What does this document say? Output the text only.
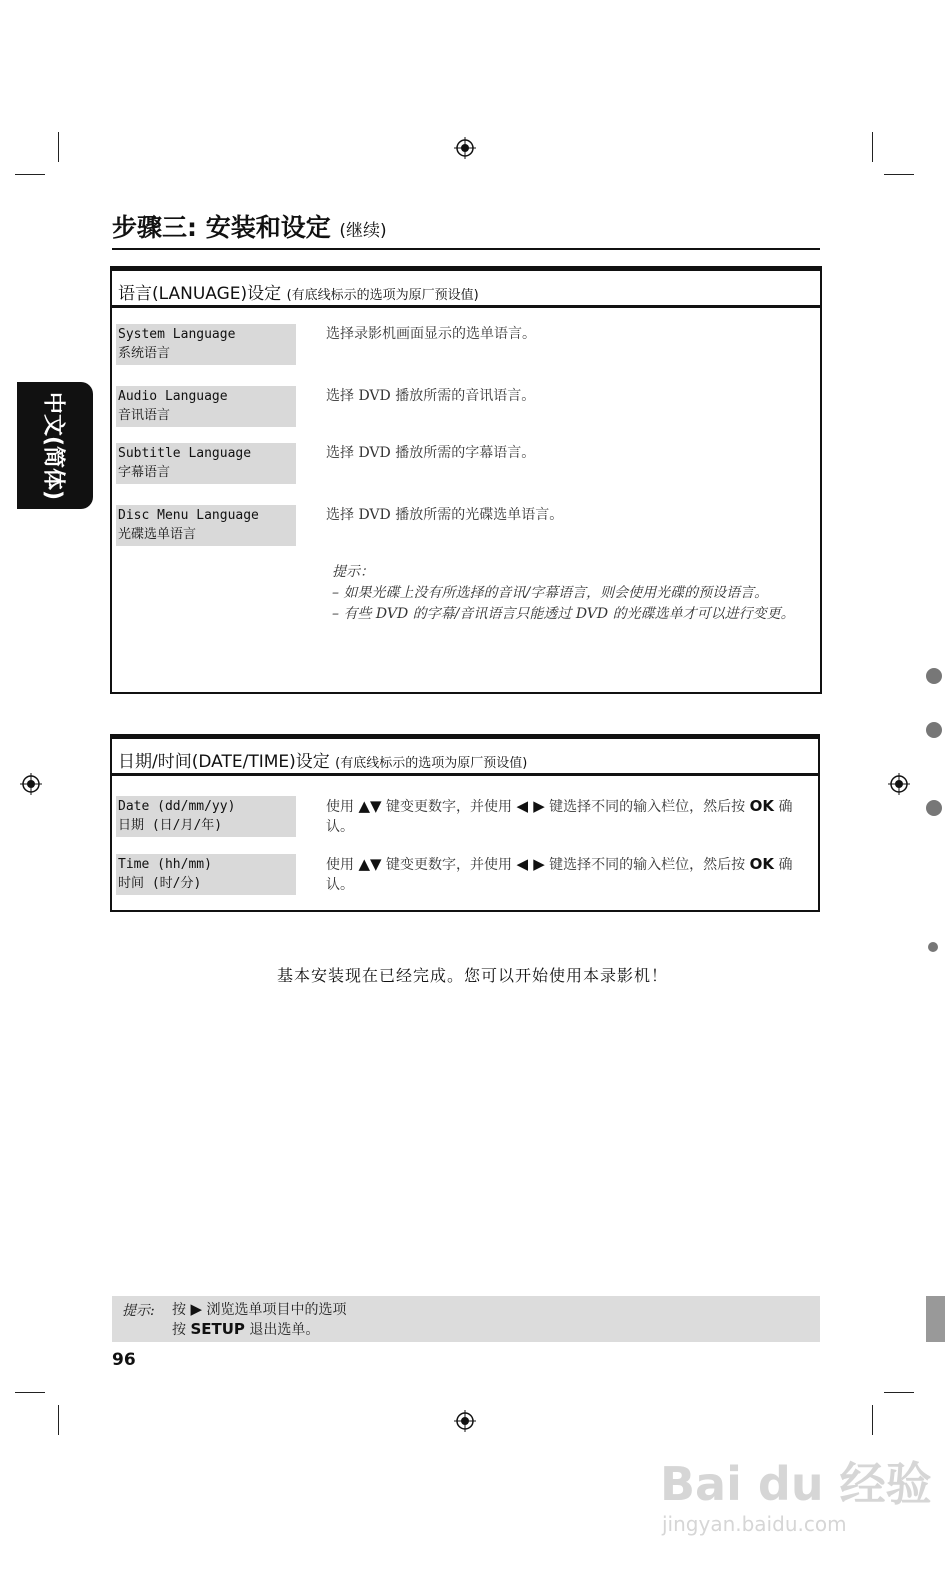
步骤三: 安装和设定 (继续)
中文(简体)
语言(LANUAGE)设定 (有底线标示的选项为原厂预设值)
System Language
系统语言
选择录影机画面显示的选单语言。
Audio Language
音讯语言
选择 DVD 播放所需的音讯语言。
Subtitle Language
字幕语言
选择 DVD 播放所需的字幕语言。
Disc Menu Language
光碟选单语言
选择 DVD 播放所需的光碟选单语言。
提示：
– 如果光碟上没有所选择的音讯/字幕语言，则会使用光碟的预设语言。
– 有些 DVD 的字幕/音讯语言只能透过 DVD 的光碟选单才可以进行变更。
日期/时间(DATE/TIME)设定 (有底线标示的选项为原厂预设值)
Date (dd/mm/yy)
日期 (日/月/年)
使用 ▲▼ 键变更数字，并使用 ◀ ▶ 键选择不同的输入栏位，然后按 OK 确认。
Time (hh/mm)
时间 (时/分)
使用 ▲▼ 键变更数字，并使用 ◀ ▶ 键选择不同的输入栏位，然后按 OK 确认。
基本安装现在已经完成。您可以开始使用本录影机！
提示: 按 ▶ 浏览选单项目中的选项
按 SETUP 退出选单。
96
Bai du 经验
jingyan.baidu.com
